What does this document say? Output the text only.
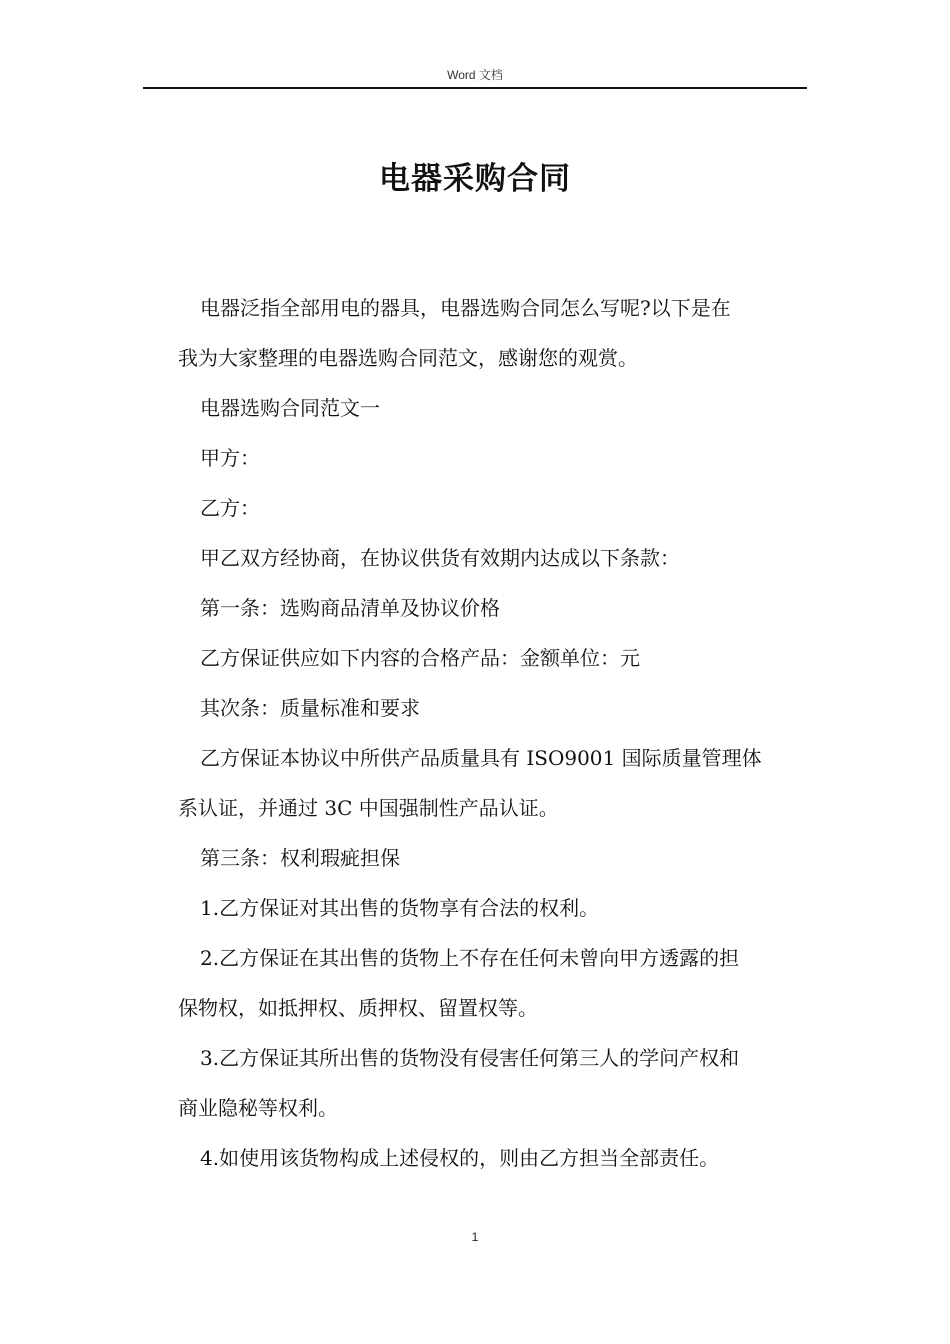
Word 文档
电器采购合同

电器泛指全部用电的器具，电器选购合同怎么写呢?以下是在
我为大家整理的电器选购合同范文，感谢您的观赏。

电器选购合同范文一

甲方：

乙方：

甲乙双方经协商，在协议供货有效期内达成以下条款：

第一条：选购商品清单及协议价格

乙方保证供应如下内容的合格产品：金额单位：元

其次条：质量标准和要求

乙方保证本协议中所供产品质量具有 ISO9001 国际质量管理体
系认证，并通过 3C 中国强制性产品认证。

第三条：权利瑕疵担保

1.乙方保证对其出售的货物享有合法的权利。

2.乙方保证在其出售的货物上不存在任何未曾向甲方透露的担
保物权，如抵押权、质押权、留置权等。

3.乙方保证其所出售的货物没有侵害任何第三人的学问产权和
商业隐秘等权利。

4.如使用该货物构成上述侵权的，则由乙方担当全部责任。

1
